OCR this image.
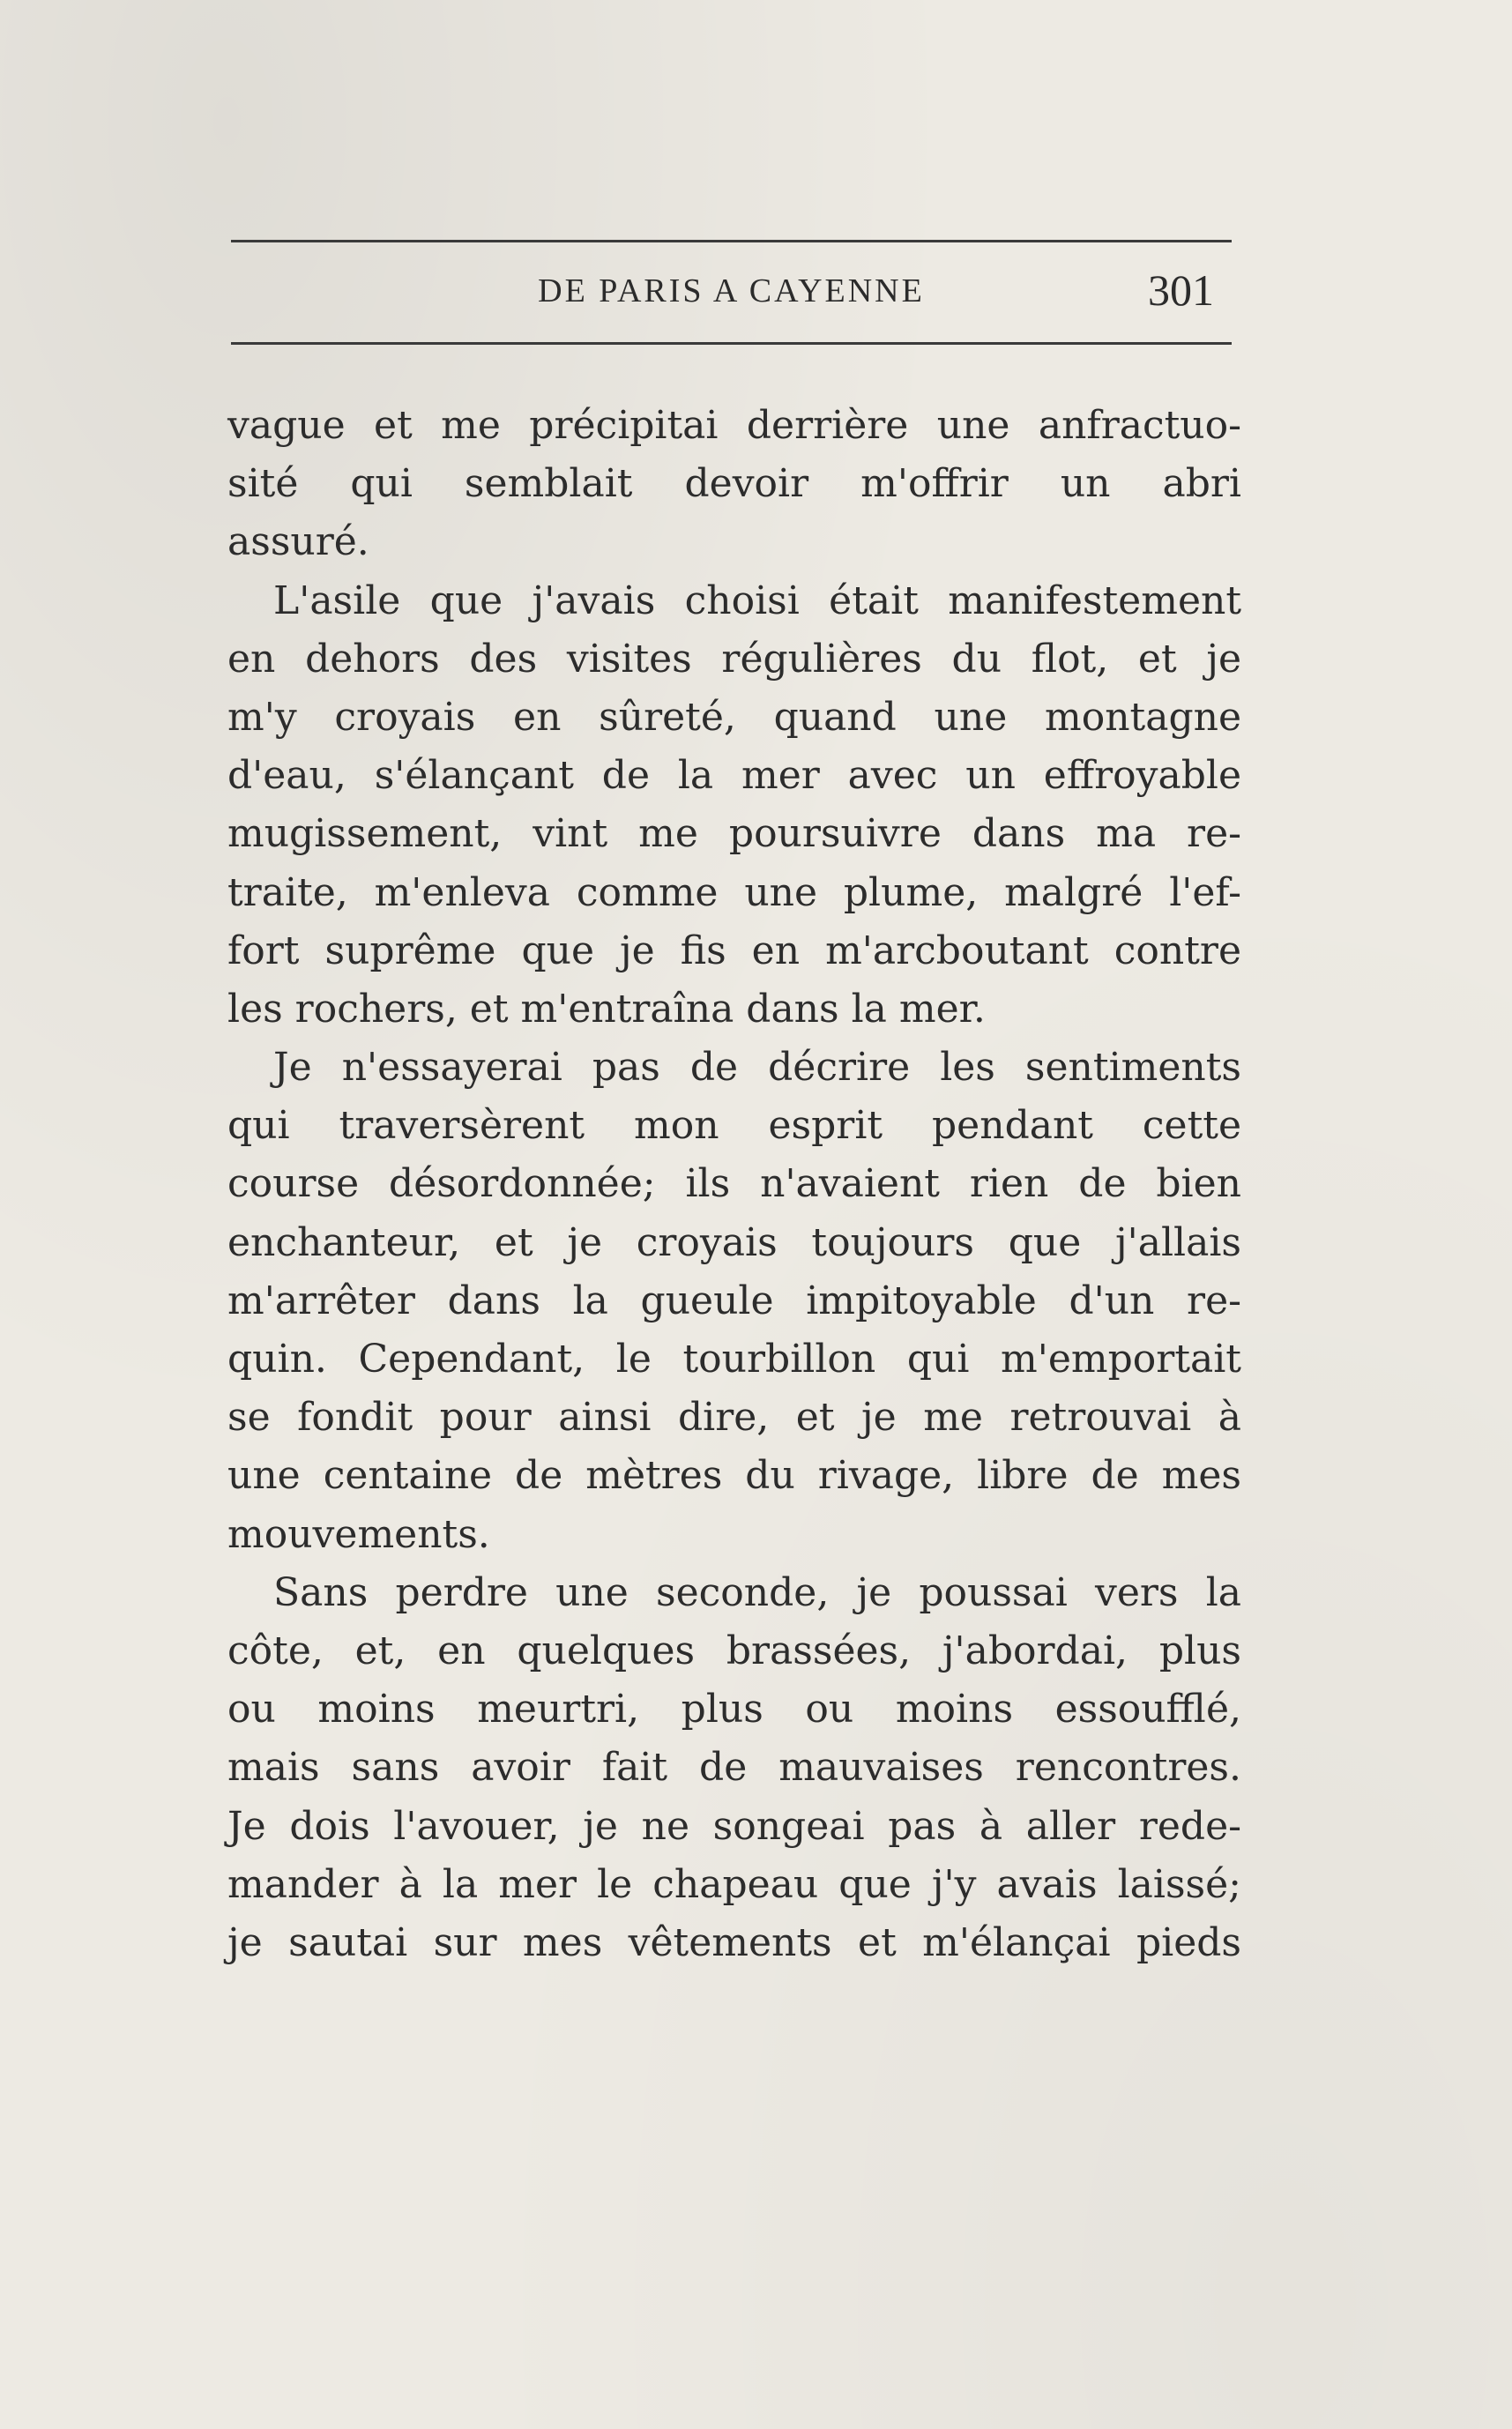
DE PARIS A CAYENNE	301
vague et me précipitai derrière une anfractuo-
sité qui semblait devoir m'offrir un abri
assuré.
L'asile que j'avais choisi était manifestement
en dehors des visites régulières du flot, et je
m'y croyais en sûreté, quand une montagne
d'eau, s'élançant de la mer avec un effroyable
mugissement, vint me poursuivre dans ma re-
traite, m'enleva comme une plume, malgré l'ef-
fort suprême que je fis en m'arcboutant contre
les rochers, et m'entraîna dans la mer.
Je n'essayerai pas de décrire les sentiments
qui traversèrent mon esprit pendant cette
course désordonnée; ils n'avaient rien de bien
enchanteur, et je croyais toujours que j'allais
m'arrêter dans la gueule impitoyable d'un re-
quin. Cependant, le tourbillon qui m'emportait
se fondit pour ainsi dire, et je me retrouvai à
une centaine de mètres du rivage, libre de mes
mouvements.
Sans perdre une seconde, je poussai vers la
côte, et, en quelques brassées, j'abordai, plus
ou moins meurtri, plus ou moins essoufflé,
mais sans avoir fait de mauvaises rencontres.
Je dois l'avouer, je ne songeai pas à aller rede-
mander à la mer le chapeau que j'y avais laissé;
je sautai sur mes vêtements et m'élançai pieds
